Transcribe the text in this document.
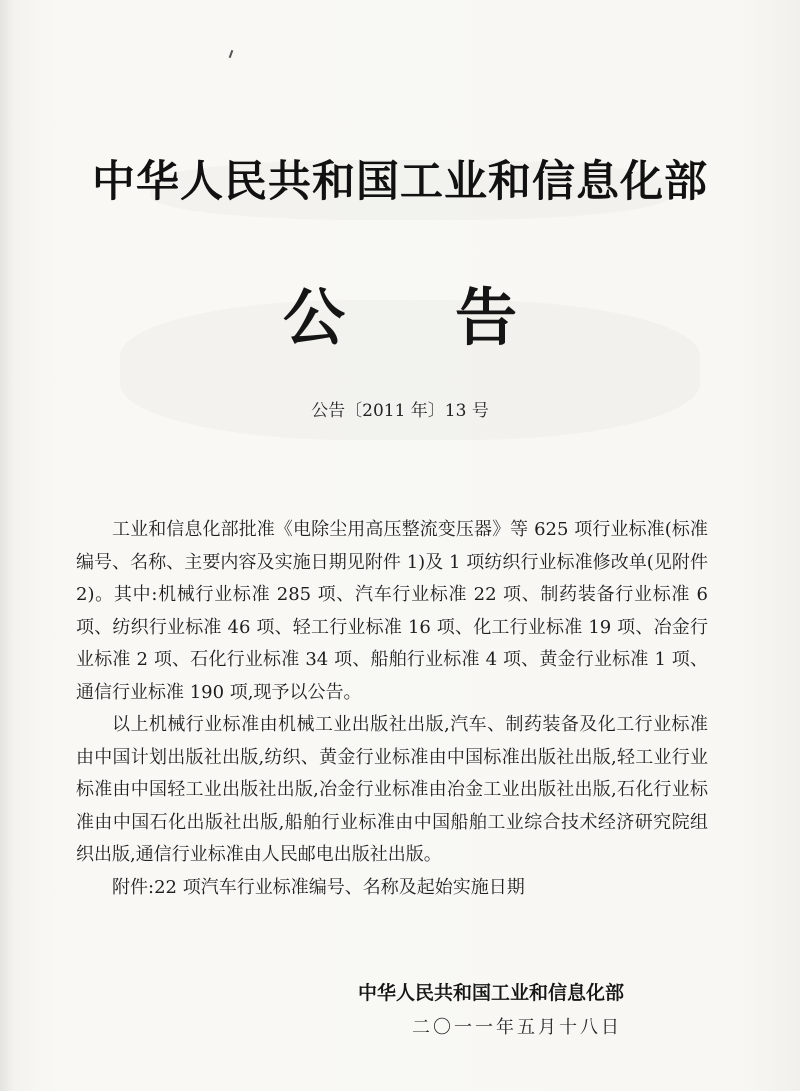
中华人民共和国工业和信息化部
公告
公告〔2011 年〕13 号

工业和信息化部批准《电除尘用高压整流变压器》等 625 项行业标准(标准编号、名称、主要内容及实施日期见附件 1)及 1 项纺织行业标准修改单(见附件 2)。其中:机械行业标准 285 项、汽车行业标准 22 项、制药装备行业标准 6 项、纺织行业标准 46 项、轻工行业标准 16 项、化工行业标准 19 项、冶金行业标准 2 项、石化行业标准 34 项、船舶行业标准 4 项、黄金行业标准 1 项、通信行业标准 190 项,现予以公告。

以上机械行业标准由机械工业出版社出版,汽车、制药装备及化工行业标准由中国计划出版社出版,纺织、黄金行业标准由中国标准出版社出版,轻工业行业标准由中国轻工业出版社出版,冶金行业标准由冶金工业出版社出版,石化行业标准由中国石化出版社出版,船舶行业标准由中国船舶工业综合技术经济研究院组织出版,通信行业标准由人民邮电出版社出版。

附件:22 项汽车行业标准编号、名称及起始实施日期

中华人民共和国工业和信息化部
二〇一一年五月十八日
